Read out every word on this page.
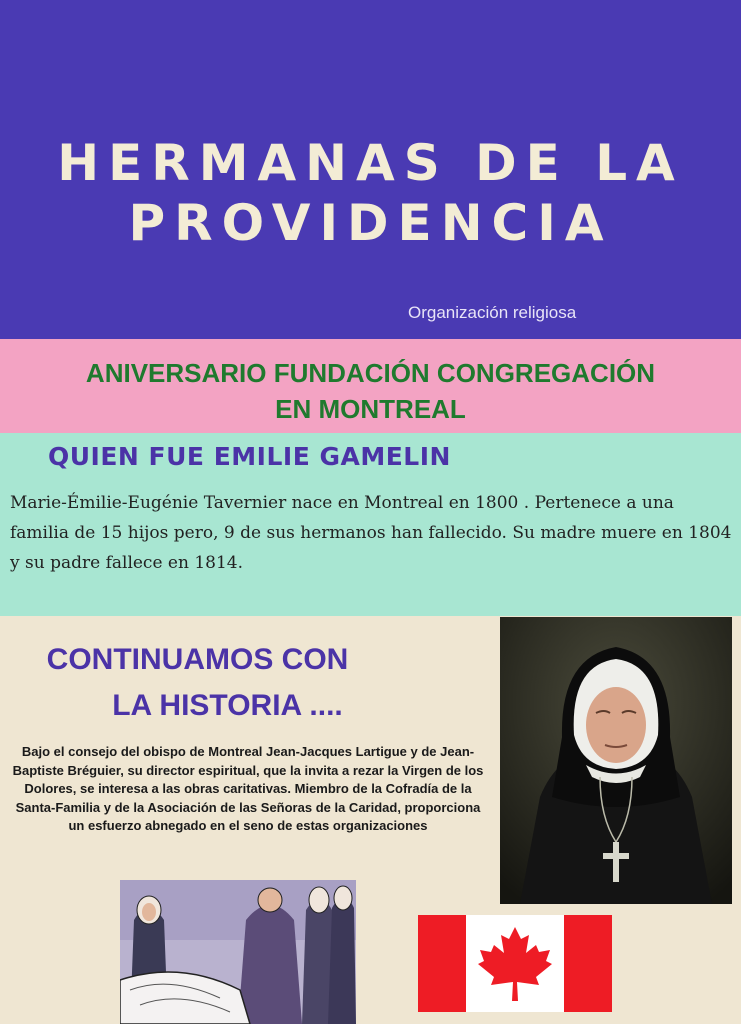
HERMANAS DE LA
PROVIDENCIA
Organización religiosa
ANIVERSARIO FUNDACIÓN CONGREGACIÓN
EN MONTREAL
QUIEN FUE EMILIE GAMELIN

Marie-Émilie-Eugénie Tavernier nace en Montreal en 1800 . Pertenece a una familia de 15 hijos pero, 9 de sus hermanos han fallecido. Su madre muere en 1804 y su padre fallece en 1814.

CONTINUAMOS CON
LA HISTORIA ....

Bajo el consejo del obispo de Montreal Jean-Jacques Lartigue y de Jean-Baptiste Bréguier, su director espiritual, que la invita a rezar la Virgen de los Dolores, se interesa a las obras caritativas. Miembro de la Cofradía de la Santa-Familia y de la Asociación de las Señoras de la Caridad, proporciona un esfuerzo abnegado en el seno de estas organizaciones
